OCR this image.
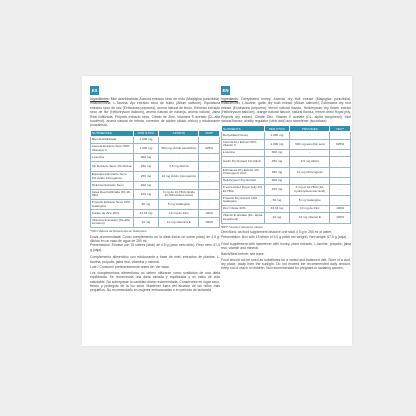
ES

Ingredientes: Miel deshidratada, Acerola extracto seco de fruto (Malpighia punicifolia), maltodextrina, L-Taurina, Ajo extracto seco de bulbo (Allium sativum), Equinácea extracto seco de raíz (Echinácea purpúrea), aroma natural de limón, Helicriso extracto seco de flor (Helichrysum italicum), aroma natural de naranja, aroma natural, Jalea Real liofilizada, Própolis extracto seco, Citrato de Zinc, Vitamina E acetato (DL-alfa tocoferol), aroma natural de menta, corrector de acidez (ácido cítrico) y edulcorante (sucralosa).

NUTRIENTES	POR STICK	APORTA	VRN*
Miel deshidratada	1.000 mg	-	-
Acerola Extracto Seco 50% Vitamina C	1.000 mg	500 mg (Ácido ascórbico)	625%
L-taurina	300 mg	-	-
Ajo Extracto Seco 1% Alicina	250 mg	2,5 mg Alicina	-
Equinácea Extracto Seco 4% Ácido Clorogénico	250 mg	10 mg Ácido Clorogénico	-
Helicriso Extracto Seco	200 mg	-	-
Jalea Real liofilizada 3% 10-HDA	100 mg	3 mg de 10-HDA (ácido 10-hidroxidecenoico)	-
Própolis Extracto Seco 10% Galangina	50 mg	5 mg Galangina	-
Citrato de Zinc 20%	33,33 mg	10 mg de Zinc	100%
Vitamina E acetato (DL-alfa tocoferol)	24 mg	12 mg vitamina E	100%

*VRN Valores de Referencia de Nutrientes

Dosis recomendada: Como complemento en la dieta tomar un sobre (stick) de 4,5 g. diluido en un vaso de agua de 250 ml.

Presentación: Envase con 15 sobres (stick) de 4,5 g (peso neto stick). Peso neto: 67,5 g (caja).

Complemento alimenticio con edulcorante a base de miel, extractos de plantas, L-taurina, própolis, jalea real, vitamina y mineral.

Lote / Consumir preferentemente antes de: Ver base.

Los complementos alimenticios no deben utilizarse como sustitutos de una dieta equilibrada. Se recomienda una dieta variada y equilibrada y un estilo de vida saludable. No sobrepasar la cantidad diaria recomendada. Consérvese en lugar seco, fresco y protegido de la luz solar. Manténer fuera del alcance de los niños más pequeños. No recomendado en mujeres embarazadas o en período de lactancia.

EN

Ingredients: Dehydrated honey, Acerola dry fruit extract (Malpighia punicifolia), maltodextrin, L-taurine, garlic dry bulb extract (Allium sativum), Echinacea dry root extract (Echinacea purpurea), lemon natural flavour, Helichrysum dry flower extract (Helichrysum italicum), orange natural flavour, natural flavour, freeze-dried Royal jelly, Propolis dry extract, Citrate Zinc, Vitamin E acetate (DL- alpha tocopherol), mint natural flavour, acidity regulator (citric acid) and sweetener (sucralose).

NUTRIENTS	PER STICK	PROVIDES	NRV*
Dehydrated honey	1.000 mg	-	-
Acerola Dry Extract 50% Vitamin C	1.000 mg	500 mg ascorbic acid	625%
L-taurine	300 mg	-	-
Garlic Dry Extract 1% Allicin	250 mg	2,5 mg Allicin	-
Echinacea Dry Extract 4% Chlorogenic Acid	250 mg	10 mg Chlorogenic	-
Helichrysum Dry Extract	200 mg	-	-
Freeze-Dried Royal Jelly 3% 10-HDA	100 mg	3 mg of 10-HDA (10-hydroxydecenoic acid)	-
Propolis Dry Extract 10% Galangine	50 mg	5 mg Galangine	-
Zinc Citrate 20%	33,33 mg	10 mg de Zinc	100%
Vitamin E acetate (DL- alpha tocopherol)	24 mg	12 mg vitamin E	100%

NRV* Nutrient reference values

Directions: as food supplement dissolve one stick 4,5 g in 250 ml of water.

Presentation: Box with 15 sticks of 4,5 g (stick net weight). Net weight: 67,5 g (caja).

Food supplement with sweetener with honey, plant extracts, L-taurine, propolis, jalea real, vitamin and mineral.

Batch/Best before: see base.

Food should not be used as substitutes for a varied and balanced diet. Store in a cool, dry place, away from the sunlight. Do not exceed the recommended daily amount. Keep out of reach of children. Not recommended for pregnant or lactating women.
